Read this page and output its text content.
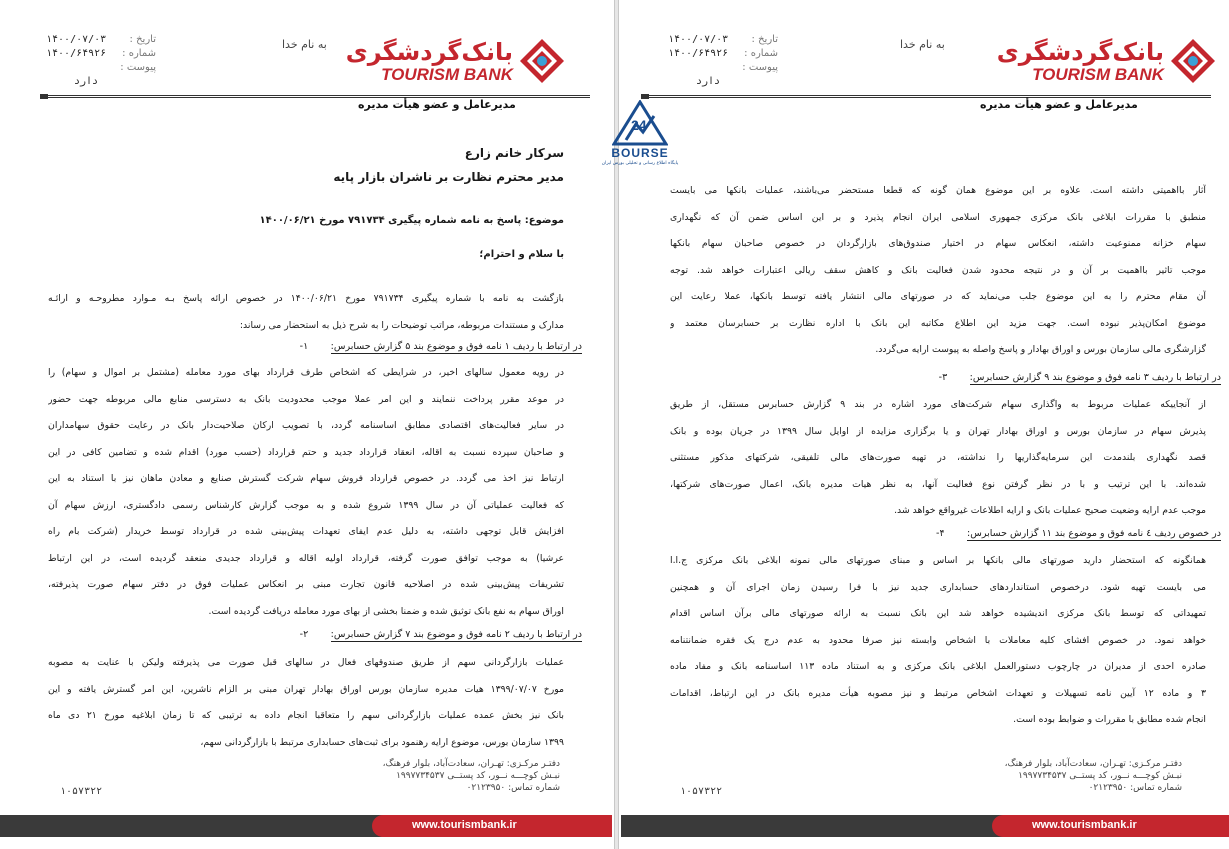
بانک‌گردشگری
TOURISM BANK
به نام خدا
تاریخ :
۱۴۰۰/۰۷/۰۳
شماره :
۱۴۰۰/۶۴۹۲۶
پیوست :
دارد
مدیرعامل و عضو هیأت مدیره
سرکار خانم زارع
مدیر محترم نظارت بر ناشران بازار پایه
موضوع: پاسخ به نامه شماره پیگیری ۷۹۱۷۳۴ مورخ ۱۴۰۰/۰۶/۲۱
با سلام و احترام؛
بازگشت به نامه با شماره پیگیری ۷۹۱۷۳۴ مورخ ۱۴۰۰/۰۶/۲۱ در خصوص ارائه پاسخ بـه مـوارد مطروحـه و ارائـه
مدارک و مستندات مربوطه، مراتب توضیحات را به شرح ذیل به استحضار می رساند:
در ارتباط با ردیف ۱ نامه فوق و موضوع بند ۵ گزارش حسابرس: ۱-
در رویه معمول سالهای اخیر، در شرایطی که اشخاص طرف قرارداد بهای مورد معامله (مشتمل بر اموال و سهام) را
در موعد مقرر پرداخت ننمایند و این امر عملا موجب محدودیت بانک به دسترسی منابع مالی مربوطه جهت حضور
در سایر فعالیت‌های اقتصادی مطابق اساسنامه گردد، با تصویب ارکان صلاحیت‌دار بانک در رعایت حقوق سهامداران
و صاحبان سپرده نسبت به اقاله، انعقاد قرارداد جدید و حتم قرارداد (حسب مورد) اقدام شده و تضامین کافی در این
ارتباط نیز اخذ می گردد. در خصوص قرارداد فروش سهام شرکت گسترش صنایع و معادن ماهان نیز با استناد به این
که فعالیت عملیاتی آن در سال ۱۳۹۹ شروع شده و به موجب گزارش کارشناس رسمی دادگستری، ارزش سهام آن
افزایش قابل توجهی داشته، به دلیل عدم ایفای تعهدات پیش‌بینی شده در قرارداد توسط خریدار (شرکت بام راه
عرشیا) به موجب توافق صورت گرفته، قرارداد اولیه اقاله و قرارداد جدیدی منعقد گردیده است، در این ارتباط
تشریفات پیش‌بینی شده در اصلاحیه قانون تجارت مبنی بر انعکاس عملیات فوق در دفتر سهام صورت پذیرفته،
اوراق سهام به نفع بانک توثیق شده و ضمنا بخشی از بهای مورد معامله دریافت گردیده است.
در ارتباط با ردیف ۲ نامه فوق و موضوع بند ۷ گزارش حسابرس: ۲-
عملیات بازارگردانی سهم از طریق صندوقهای فعال در سالهای قبل صورت می پذیرفته ولیکن با عنایت به مصوبه
مورخ ۱۳۹۹/۰۷/۰۷ هیات مدیره سازمان بورس اوراق بهادار تهران مبنی بر الزام ناشرین، این امر گسترش یافته و این
بانک نیز بخش عمده عملیات بازارگردانی سهم را متعاقبا انجام داده به ترتیبی که تا زمان ابلاغیه مورخ ۲۱ دی ماه
۱۳۹۹ سازمان بورس، موضوع ارایه رهنمود برای ثبت‌های حسابداری مرتبط با بازارگردانی سهم،
دفتـر مرکـزی: تهـران، سعادت‌آباد، بلوار فرهنگ،
نبـش کوچـــه نــور، کد پستــی ۱۹۹۷۷۳۴۵۳۷
شماره تماس: ۰۲۱۲۳۹۵۰
۱۰۵۷۳۲۲
www.tourismbank.ir
بانک‌گردشگری
TOURISM BANK
به نام خدا
تاریخ :
۱۴۰۰/۰۷/۰۳
شماره :
۱۴۰۰/۶۴۹۲۶
پیوست :
دارد
مدیرعامل و عضو هیأت مدیره
آثار بااهمیتی داشته است. علاوه بر این موضوع همان گونه که قطعا مستحضر می‌باشند، عملیات بانکها می بایست
منطبق با مقررات ابلاغی بانک مرکزی جمهوری اسلامی ایران انجام پذیرد و بر این اساس ضمن آن که نگهداری
سهام خزانه ممنوعیت داشته، انعکاس سهام در اختیار صندوق‌های بازارگردان در خصوص صاحبان سهام بانکها
موجب تاثیر بااهمیت بر آن و در نتیجه محدود شدن فعالیت بانک و کاهش سقف ریالی اعتبارات خواهد شد. توجه
آن مقام محترم را به این موضوع جلب می‌نماید که در صورتهای مالی انتشار یافته توسط بانکها، عملا رعایت این
موضوع امکان‌پذیر نبوده است. جهت مزید این اطلاع مکاتبه این بانک با اداره نظارت بر حسابرسان معتمد و
گزارشگری مالی سازمان بورس و اوراق بهادار و پاسخ واصله به پیوست ارایه می‌گردد.
در ارتباط با ردیف ۳ نامه فوق و موضوع بند ۹ گزارش حسابرس: ۳-
از آنجاییکه عملیات مربوط به واگذاری سهام شرکت‌های مورد اشاره در بند ۹ گزارش حسابرس مستقل، از طریق
پذیرش سهام در سازمان بورس و اوراق بهادار تهران و یا برگزاری مزایده از اوایل سال ۱۳۹۹ در جریان بوده و بانک
قصد نگهداری بلندمدت این سرمایه‌گذاریها را نداشته، در تهیه صورت‌های مالی تلفیقی، شرکتهای مذکور مستثنی
شده‌اند. با این ترتیب و با در نظر گرفتن نوع فعالیت آنها، به نظر هیات مدیره بانک، اعمال صورت‌های شرکتها،
موجب عدم ارایه وضعیت صحیح عملیات بانک و ارایه اطلاعات غیرواقع خواهد شد.
در خصوص ردیف ٤ نامه فوق و موضوع بند ۱۱ گزارش حسابرس: ۴-
همانگونه که استحضار دارید صورتهای مالی بانکها بر اساس و مبنای صورتهای مالی نمونه ابلاغی بانک مرکزی ج.ا.ا
می بایست تهیه شود. درخصوص استانداردهای حسابداری جدید نیز با فرا رسیدن زمان اجرای آن و همچنین
تمهیداتی که توسط بانک مرکزی اندیشیده خواهد شد این بانک نسبت به ارائه صورتهای مالی برآن اساس اقدام
خواهد نمود. در خصوص افشای کلیه معاملات با اشخاص وابسته نیز صرفا محدود به عدم درج یک فقره ضمانتنامه
صادره احدی از مدیران در چارچوب دستورالعمل ابلاغی بانک مرکزی و به استناد ماده ۱۱۳ اساسنامه بانک و مفاد ماده
۳ و ماده ۱۲ آیین نامه تسهیلات و تعهدات اشخاص مرتبط و نیز مصوبه هیأت مدیره بانک در این ارتباط، اقدامات
انجام شده مطابق با مقررات و ضوابط بوده است.
دفتـر مرکـزی: تهـران، سعادت‌آباد، بلوار فرهنگ،
نبـش کوچـــه نــور، کد پستــی ۱۹۹۷۷۳۴۵۳۷
شماره تماس: ۰۲۱۲۳۹۵۰
۱۰۵۷۳۲۲
www.tourismbank.ir
24
BOURSE
پایگاه اطلاع رسانی و تحلیلی بورس ایران
